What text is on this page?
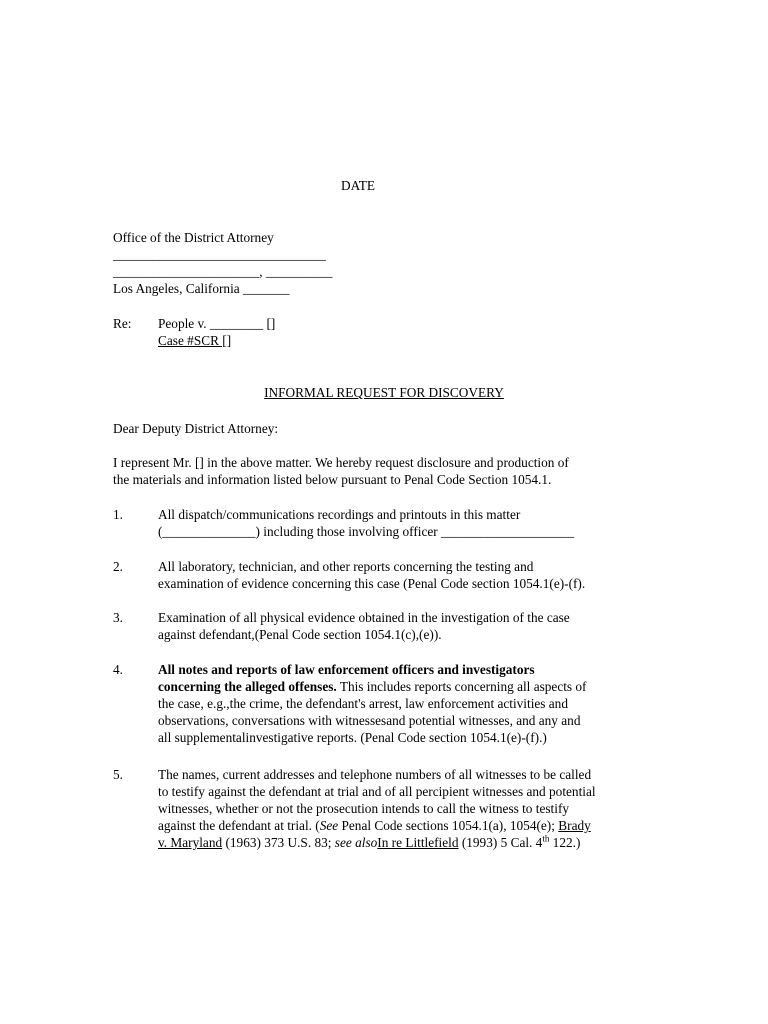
DATE
Office of the District Attorney
________________________________
______________________, __________
Los Angeles, California _______
Re: People v. ________ []
Case #SCR []
INFORMAL REQUEST FOR DISCOVERY
Dear Deputy District Attorney:
I represent Mr. [] in the above matter. We hereby request disclosure and production of
the materials and information listed below pursuant to Penal Code Section 1054.1.
1.	All dispatch/communications recordings and printouts in this matter
(______________) including those involving officer ____________________
2.	All laboratory, technician, and other reports concerning the testing and
examination of evidence concerning this case (Penal Code section 1054.1(e)-(f).
3.	Examination of all physical evidence obtained in the investigation of the case
against defendant,(Penal Code section 1054.1(c),(e)).
4.	All notes and reports of law enforcement officers and investigators
concerning the alleged offenses. This includes reports concerning all aspects of
the case, e.g.,the crime, the defendant's arrest, law enforcement activities and
observations, conversations with witnessesand potential witnesses, and any and
all supplementalinvestigative reports. (Penal Code section 1054.1(e)-(f).)
5.	The names, current addresses and telephone numbers of all witnesses to be called
to testify against the defendant at trial and of all percipient witnesses and potential
witnesses, whether or not the prosecution intends to call the witness to testify
against the defendant at trial. (See Penal Code sections 1054.1(a), 1054(e); Brady
v. Maryland (1963) 373 U.S. 83; see alsoIn re Littlefield (1993) 5 Cal. 4th 122.)
